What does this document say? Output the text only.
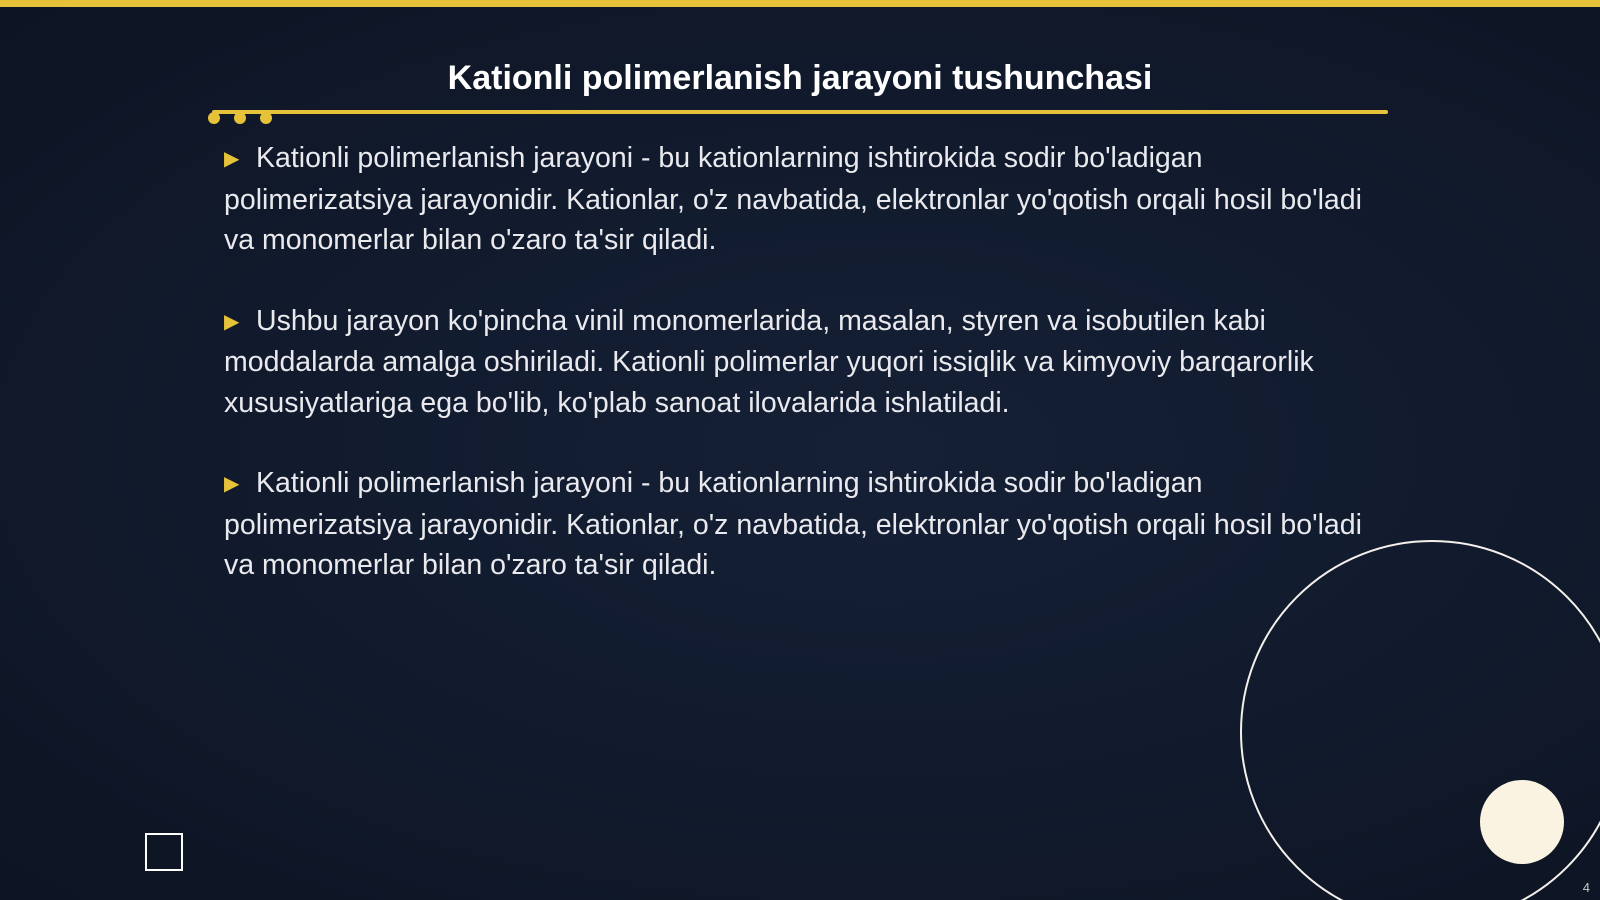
Kationli polimerlanish jarayoni tushunchasi

▶ Kationli polimerlanish jarayoni - bu kationlarning ishtirokida sodir bo'ladigan polimerizatsiya jarayonidir. Kationlar, o'z navbatida, elektronlar yo'qotish orqali hosil bo'ladi va monomerlar bilan o'zaro ta'sir qiladi.

▶ Ushbu jarayon ko'pincha vinil monomerlarida, masalan, styren va isobutilen kabi moddalarda amalga oshiriladi. Kationli polimerlar yuqori issiqlik va kimyoviy barqarorlik xususiyatlariga ega bo'lib, ko'plab sanoat ilovalarida ishlatiladi.

▶ Kationli polimerlanish jarayoni - bu kationlarning ishtirokida sodir bo'ladigan polimerizatsiya jarayonidir. Kationlar, o'z navbatida, elektronlar yo'qotish orqali hosil bo'ladi va monomerlar bilan o'zaro ta'sir qiladi.

4
